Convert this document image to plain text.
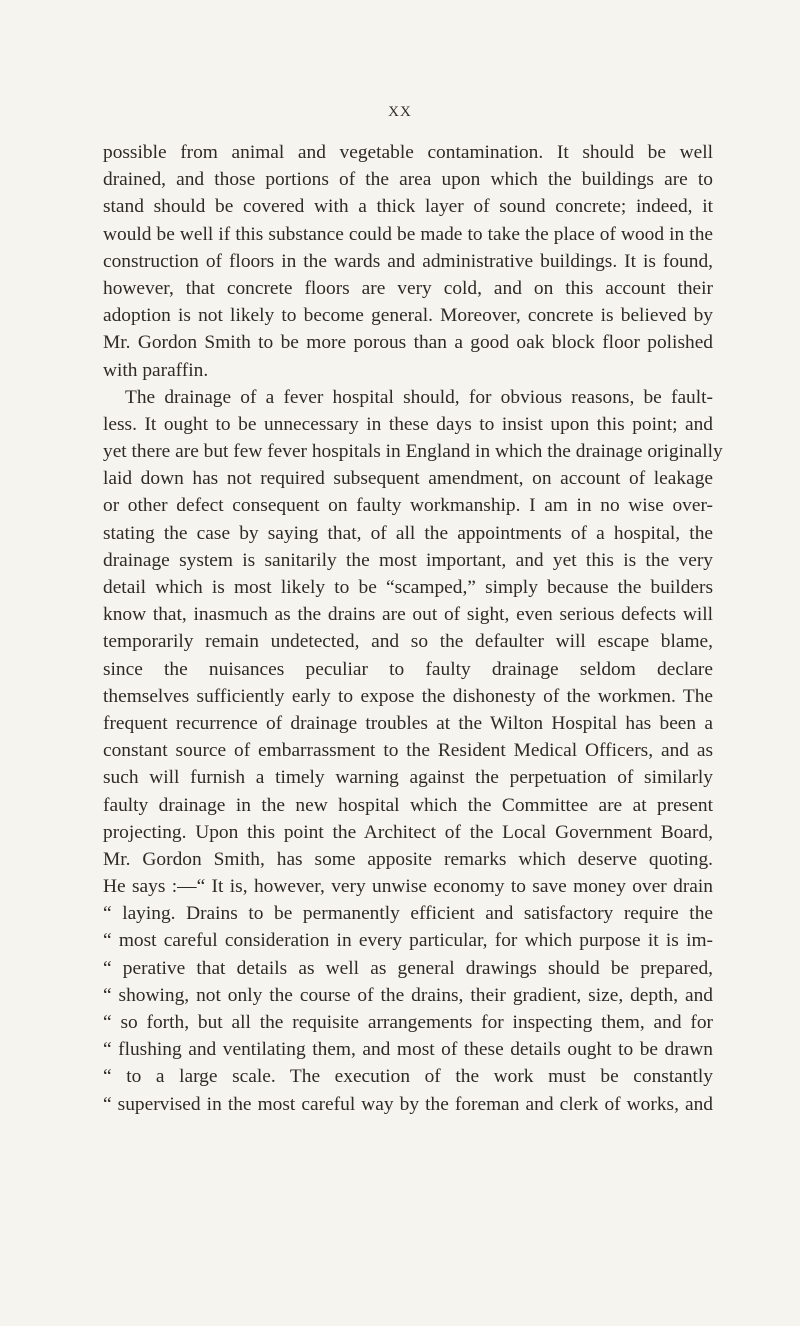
XX
possible from animal and vegetable contamination. It should be well
drained, and those portions of the area upon which the buildings are to
stand should be covered with a thick layer of sound concrete; indeed, it
would be well if this substance could be made to take the place of wood in the
construction of floors in the wards and administrative buildings. It is found,
however, that concrete floors are very cold, and on this account their
adoption is not likely to become general. Moreover, concrete is believed by
Mr. Gordon Smith to be more porous than a good oak block floor polished
with paraffin.
The drainage of a fever hospital should, for obvious reasons, be fault-
less. It ought to be unnecessary in these days to insist upon this point; and
yet there are but few fever hospitals in England in which the drainage originally
laid down has not required subsequent amendment, on account of leakage
or other defect consequent on faulty workmanship. I am in no wise over-
stating the case by saying that, of all the appointments of a hospital, the
drainage system is sanitarily the most important, and yet this is the very
detail which is most likely to be “scamped,” simply because the builders
know that, inasmuch as the drains are out of sight, even serious defects will
temporarily remain undetected, and so the defaulter will escape blame,
since the nuisances peculiar to faulty drainage seldom declare
themselves sufficiently early to expose the dishonesty of the workmen. The
frequent recurrence of drainage troubles at the Wilton Hospital has been a
constant source of embarrassment to the Resident Medical Officers, and as
such will furnish a timely warning against the perpetuation of similarly
faulty drainage in the new hospital which the Committee are at present
projecting. Upon this point the Architect of the Local Government Board,
Mr. Gordon Smith, has some apposite remarks which deserve quoting.
He says :—“ It is, however, very unwise economy to save money over drain
“ laying. Drains to be permanently efficient and satisfactory require the
“ most careful consideration in every particular, for which purpose it is im-
“ perative that details as well as general drawings should be prepared,
“ showing, not only the course of the drains, their gradient, size, depth, and
“ so forth, but all the requisite arrangements for inspecting them, and for
“ flushing and ventilating them, and most of these details ought to be drawn
“ to a large scale. The execution of the work must be constantly
“ supervised in the most careful way by the foreman and clerk of works, and
